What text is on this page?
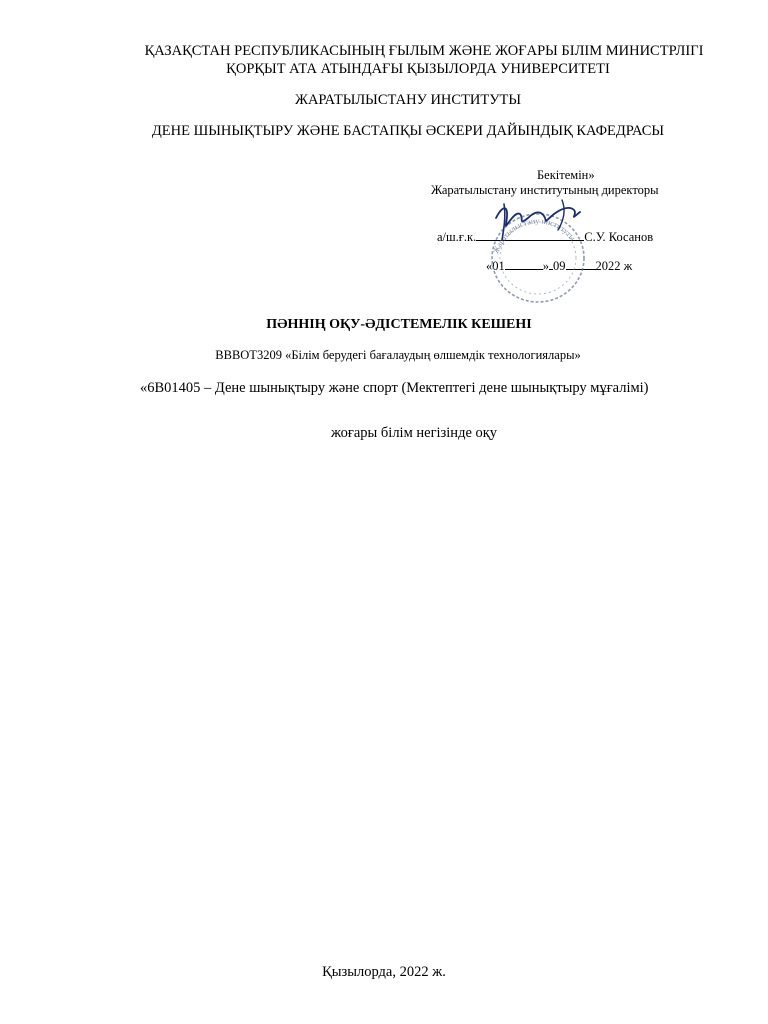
ҚАЗАҚСТАН РЕСПУБЛИКАСЫНЫҢ ҒЫЛЫМ ЖӘНЕ ЖОҒАРЫ БІЛІМ МИНИСТРЛІГІ
ҚОРҚЫТ АТА АТЫНДАҒЫ ҚЫЗЫЛОРДА УНИВЕРСИТЕТІ
ЖАРАТЫЛЫСТАНУ ИНСТИТУТЫ
ДЕНЕ ШЫНЫҚТЫРУ ЖӘНЕ БАСТАПҚЫ ӘСКЕРИ ДАЙЫНДЫҚ КАФЕДРАСЫ
Бекітемін»
Жаратылыстану институтының директоры
а/ш.ғ.к.	С.У. Косанов
«01	» 09 2022 ж
Жаратылыстану институты
ПӘННІҢ ОҚУ-ӘДІСТЕМЕЛІК КЕШЕНІ
BBBOT3209 «Білім берудегі бағалаудың өлшемдік технологиялары»
«6В01405 – Дене шынықтыру және спорт (Мектептегі дене шынықтыру мұғалімі)
жоғары білім негізінде оқу
Қызылорда, 2022 ж.
